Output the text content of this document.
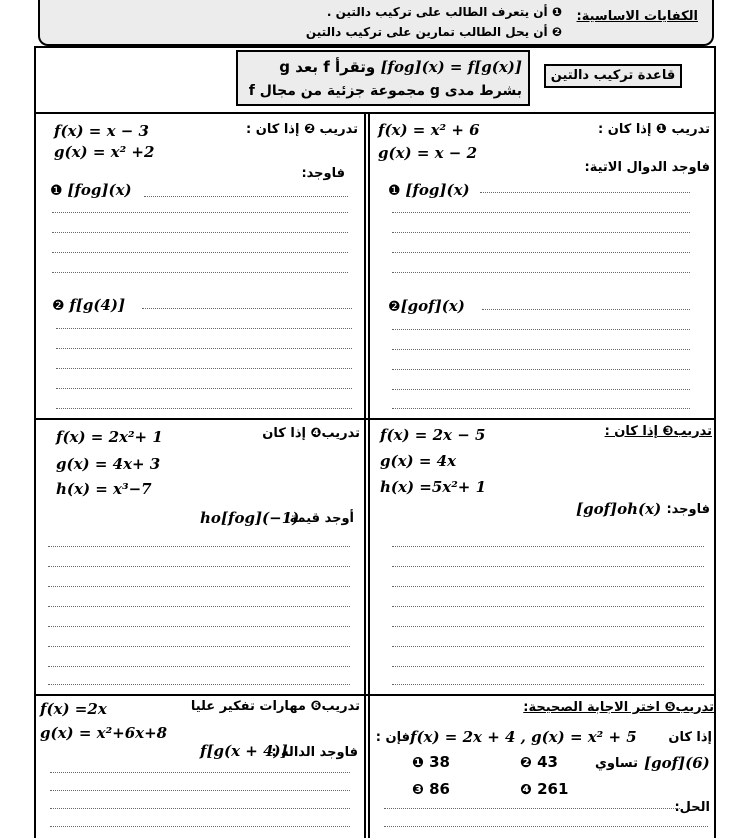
الكفايات الاساسية:
❶ أن يتعرف الطالب على تركيب دالتين .
❷ أن يحل الطالب تمارين على تركيب دالتين
قاعدة تركيب دالتين
[fog](x) = f[g(x)] وتقرأ f بعد g
بشرط مدى g مجموعة جزئية من مجال f
تدريب ❶ إذا كان :
f(x) = x² + 6
g(x) = x − 2
فاوجد الدوال الاتية:
❶ [fog](x)
❷[gof](x)
تدريب ❷ إذا كان :
f(x) = x − 3
g(x) = x² +2
فاوجد:
❶ [fog](x)
❷ f[g(4)]
تدريب❸ إذا كان :
f(x) = 2x − 5
g(x) = 4x
h(x) =5x²+ 1
فاوجد:
[gof]oh(x)
تدريب❹ إذا كان
f(x) = 2x²+ 1
g(x) = 4x+ 3
h(x) = x³−7
أوجد قيمة:
ho[fog](−1)
تدريب❺ اختر الاجابة الصحيحة:
إذا كان
f(x) = 2x + 4 , g(x) = x² + 5
فإن :
[gof](6)
تساوي
❶ 38	❷ 43
❸ 86	❹ 261
الحل:
تدريب❻ مهارات تفكير عليا
f(x) =2x
g(x) = x²+6x+8
فاوجد الدالة :
f[g(x + 4)]
